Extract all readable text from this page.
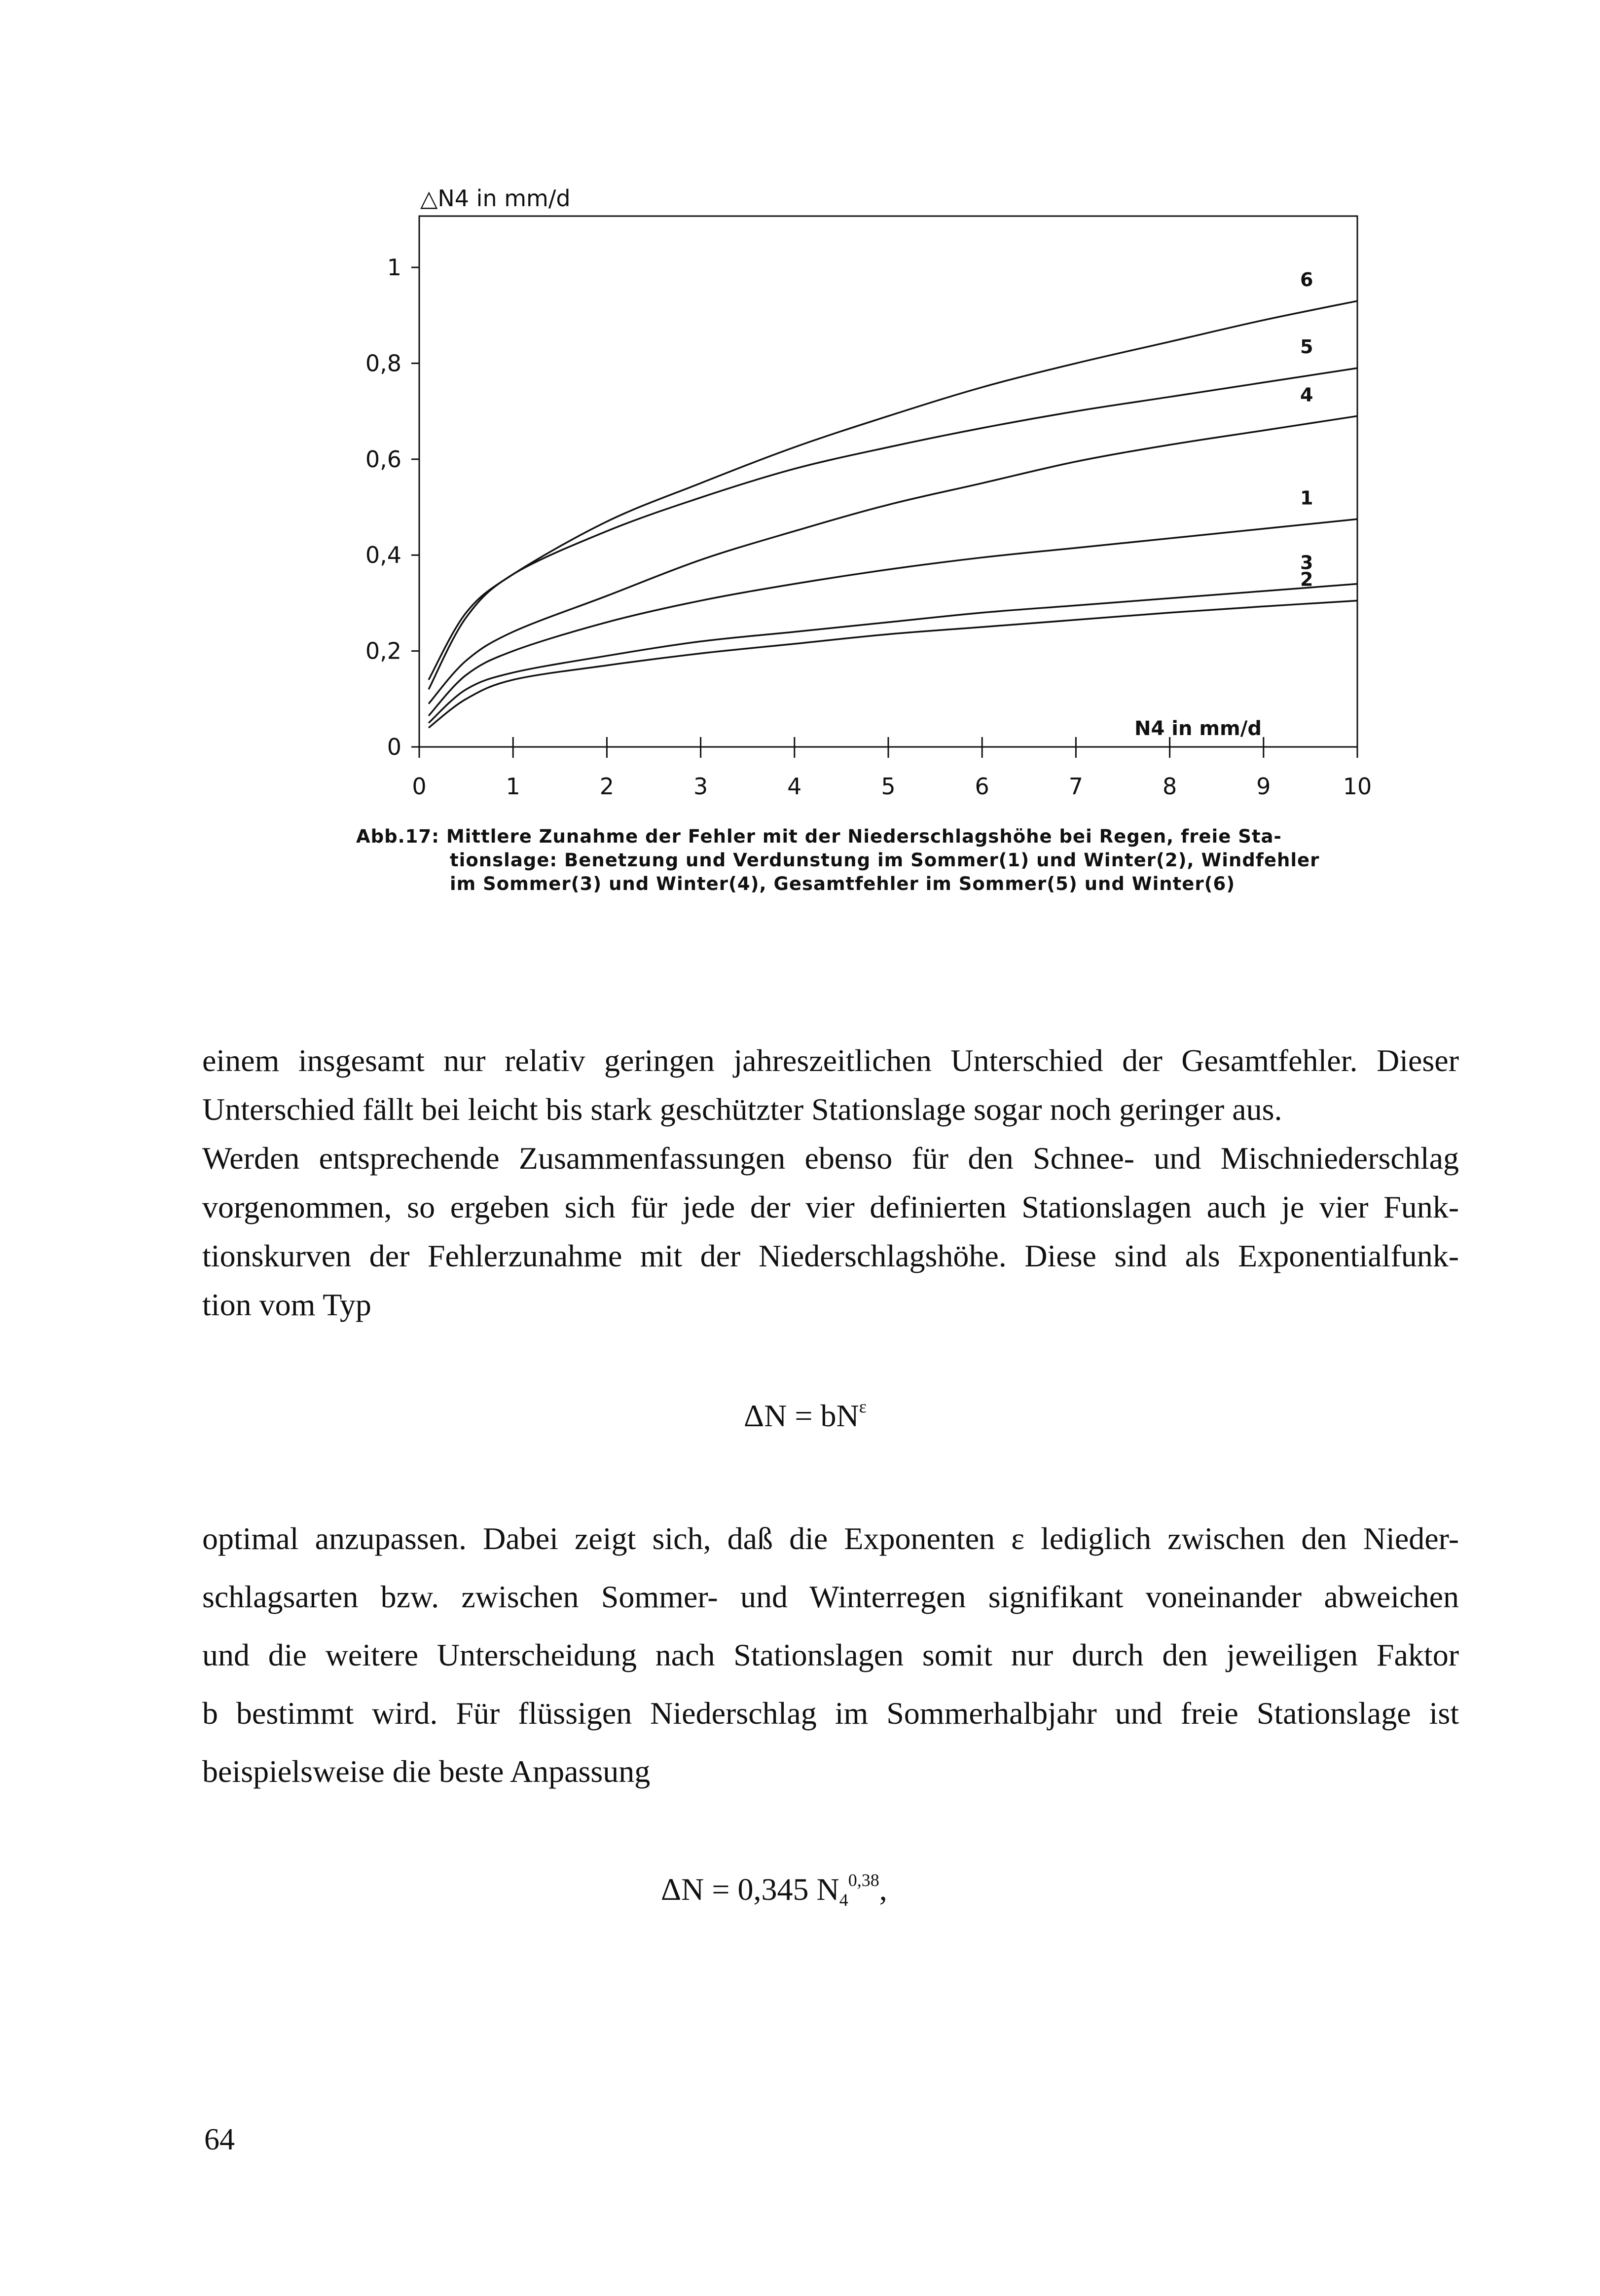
△N4 in mm/d
0
0,2
0,4
0,6
0,8
1
0	1	2	3	4	5	6	7	8	9	10
1
2
3
4
5
6
N4 in mm/d
Abb.17: Mittlere Zunahme der Fehler mit der Niederschlagshöhe bei Regen, freie Sta-
tionslage: Benetzung und Verdunstung im Sommer(1) und Winter(2), Windfehler
im Sommer(3) und Winter(4), Gesamtfehler im Sommer(5) und Winter(6)
einem insgesamt nur relativ geringen jahreszeitlichen Unterschied der Gesamtfehler. Dieser
Unterschied fällt bei leicht bis stark geschützter Stationslage sogar noch geringer aus.
Werden entsprechende Zusammenfassungen ebenso für den Schnee- und Mischniederschlag
vorgenommen, so ergeben sich für jede der vier definierten Stationslagen auch je vier Funk-
tionskurven der Fehlerzunahme mit der Niederschlagshöhe. Diese sind als Exponentialfunk-
tion vom Typ
$\Delta N = bN^\varepsilon$
optimal anzupassen. Dabei zeigt sich, daß die Exponenten ε lediglich zwischen den Nieder-
schlagsarten bzw. zwischen Sommer- und Winterregen signifikant voneinander abweichen
und die weitere Unterscheidung nach Stationslagen somit nur durch den jeweiligen Faktor
b bestimmt wird. Für flüssigen Niederschlag im Sommerhalbjahr und freie Stationslage ist
beispielsweise die beste Anpassung
ΔN = 0,345 $N_4^{0,38}$,
64
